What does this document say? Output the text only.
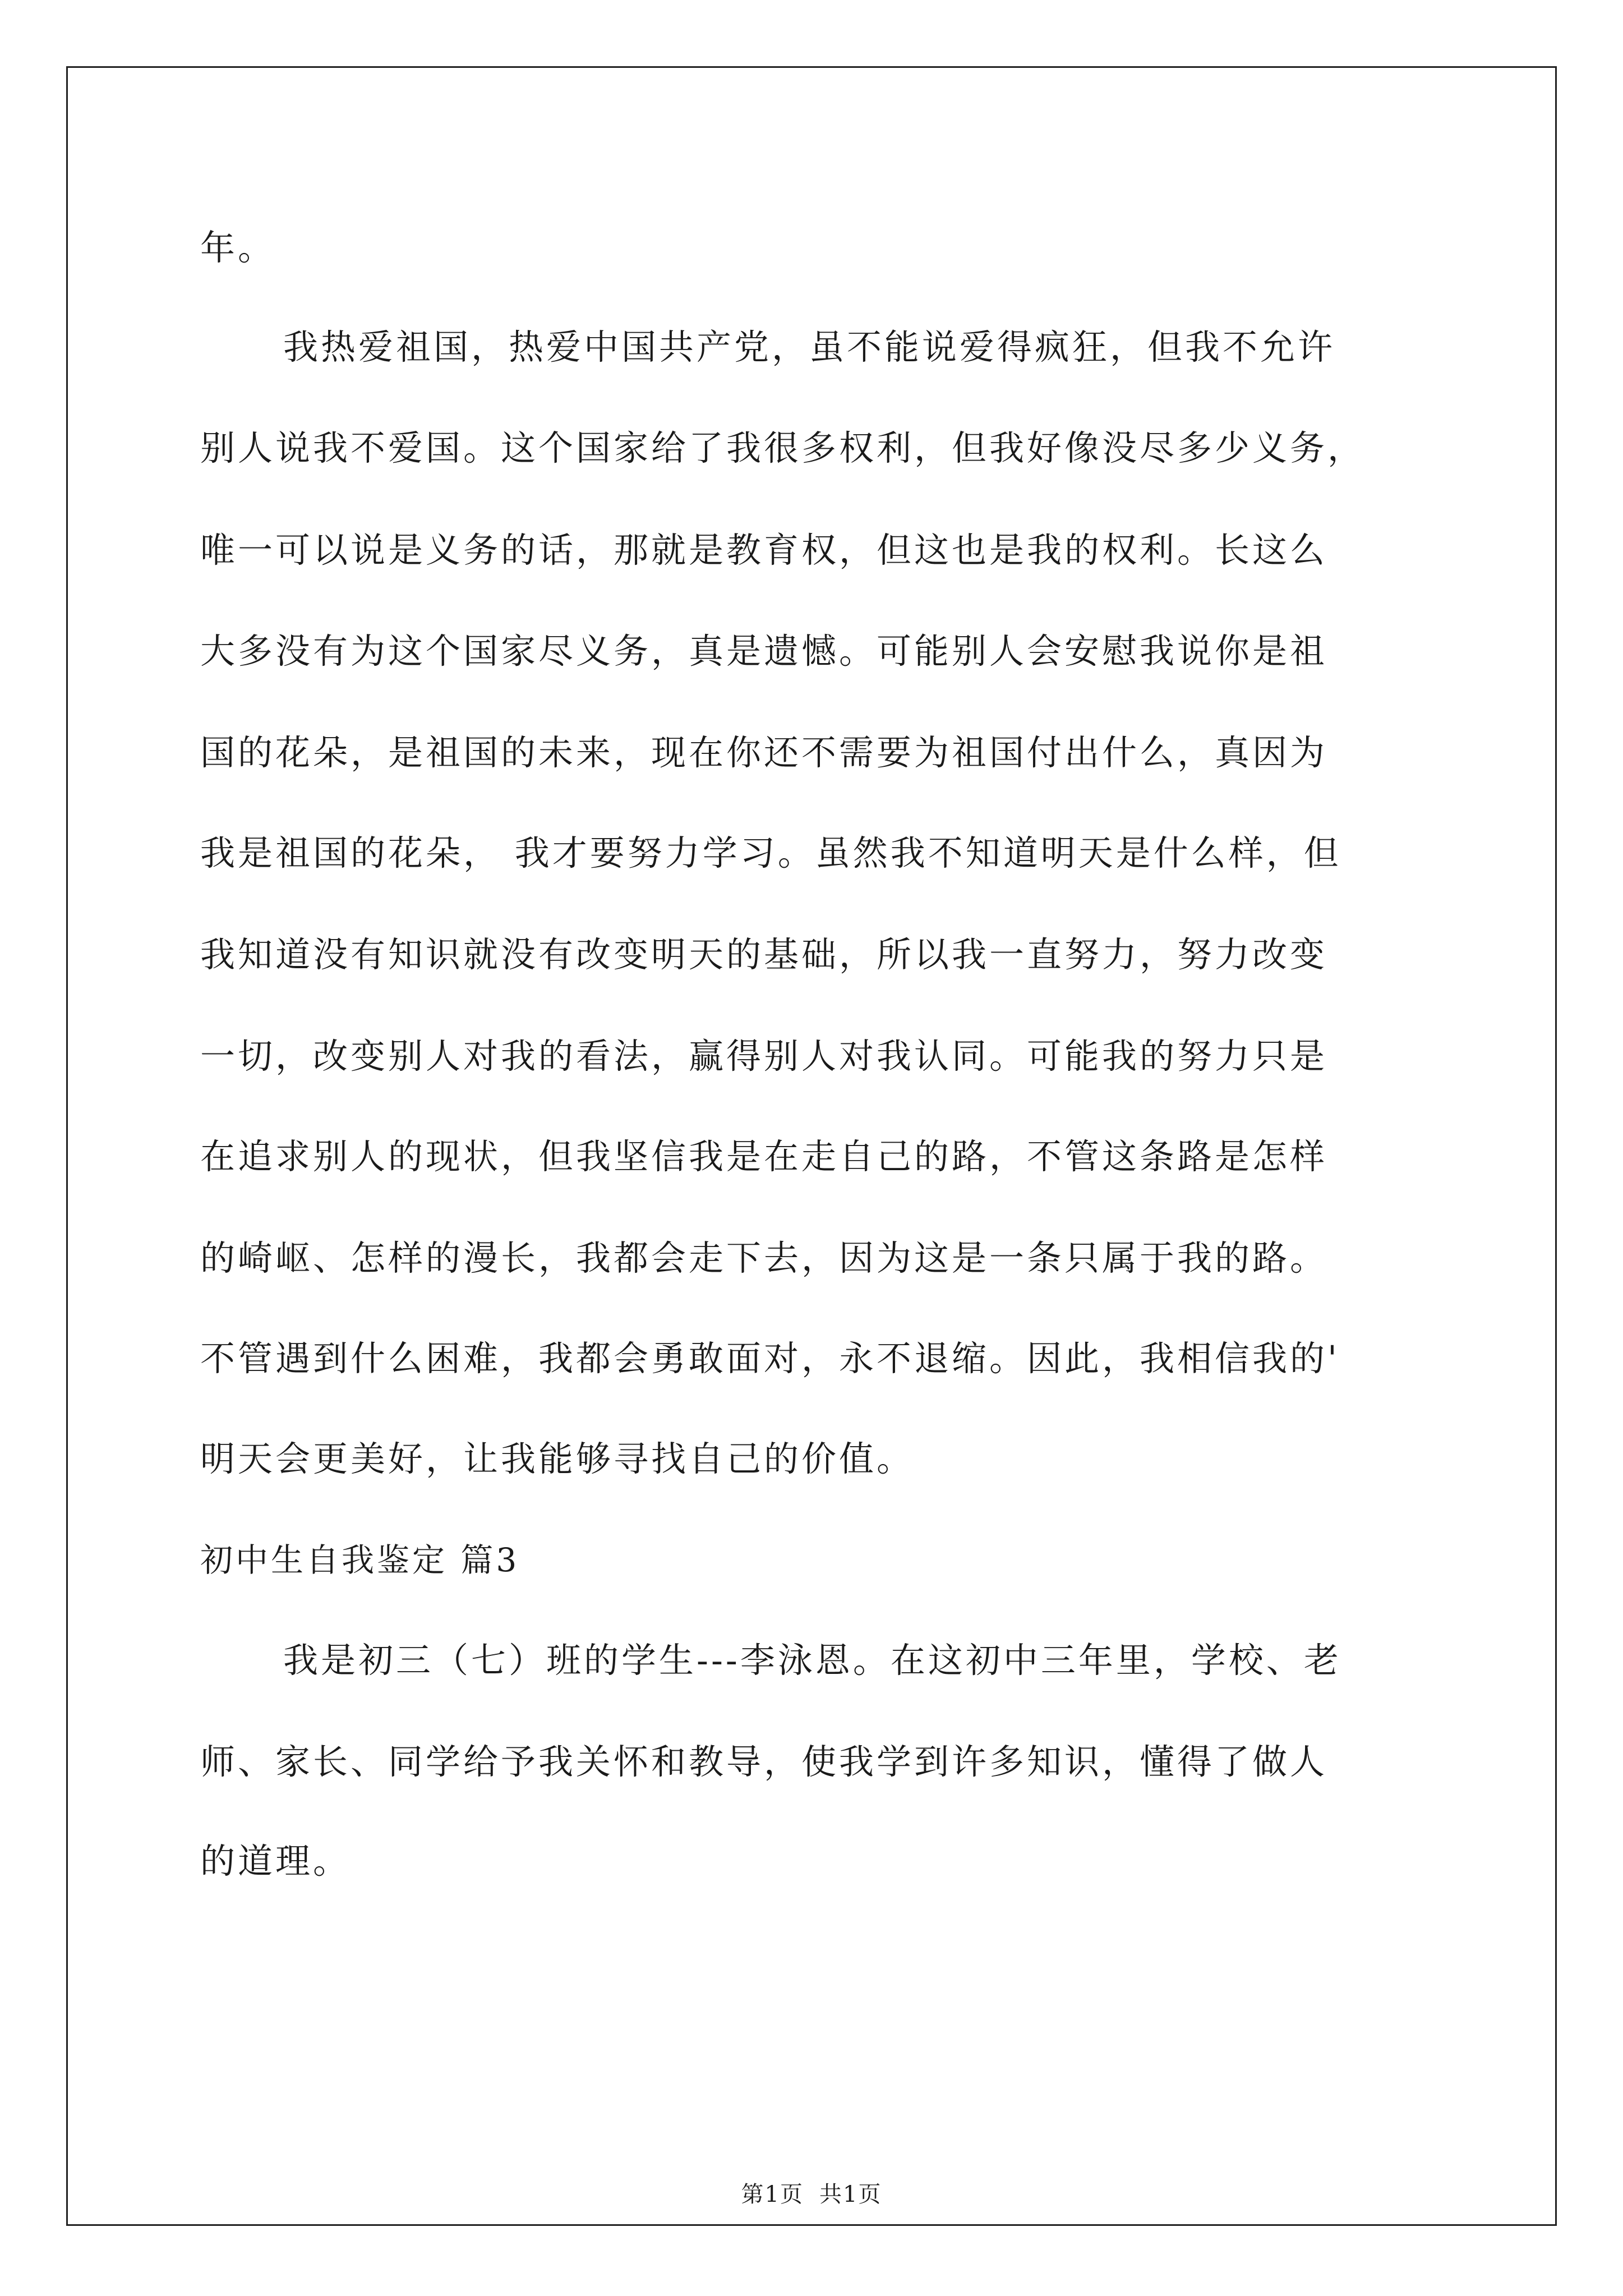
年。
我热爱祖国，热爱中国共产党，虽不能说爱得疯狂，但我不允许
别人说我不爱国。这个国家给了我很多权利，但我好像没尽多少义务，
唯一可以说是义务的话，那就是教育权，但这也是我的权利。长这么
大多没有为这个国家尽义务，真是遗憾。可能别人会安慰我说你是祖
国的花朵，是祖国的未来，现在你还不需要为祖国付出什么，真因为
我是祖国的花朵， 我才要努力学习。虽然我不知道明天是什么样，但
我知道没有知识就没有改变明天的基础，所以我一直努力，努力改变
一切，改变别人对我的看法，赢得别人对我认同。可能我的努力只是
在追求别人的现状，但我坚信我是在走自己的路，不管这条路是怎样
的崎岖、怎样的漫长，我都会走下去，因为这是一条只属于我的路。
不管遇到什么困难，我都会勇敢面对，永不退缩。因此，我相信我的'
明天会更美好，让我能够寻找自己的价值。
初中生自我鉴定 篇3
我是初三（七）班的学生---李泳恩。在这初中三年里，学校、老
师、家长、同学给予我关怀和教导，使我学到许多知识，懂得了做人
的道理。
第1页 共1页
